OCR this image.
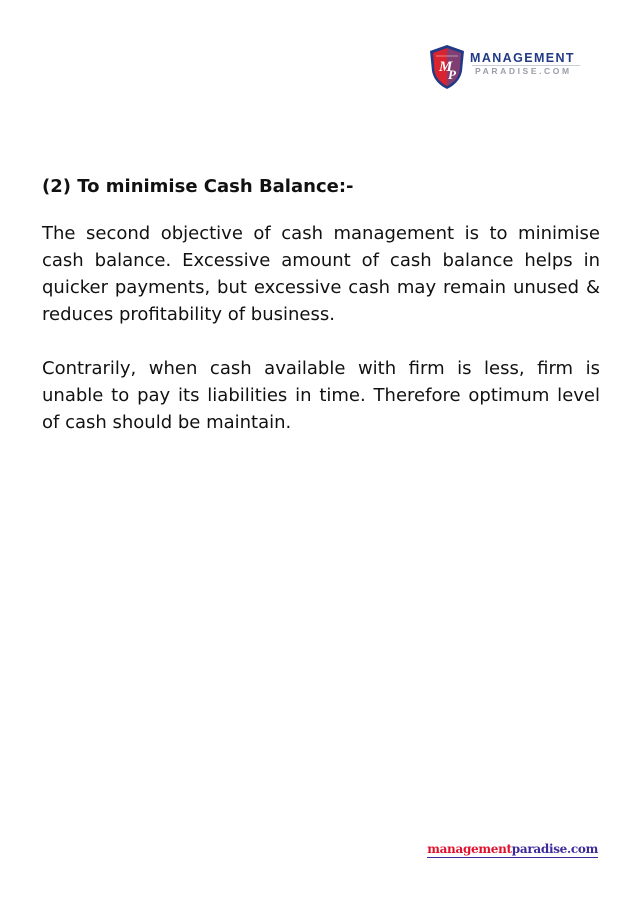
M
P
MANAGEMENT
PARADISE.COM
(2) To minimise Cash Balance:-

The second objective of cash management is to minimise cash balance. Excessive amount of cash balance helps in quicker payments, but excessive cash may remain unused & reduces profitability of business.

Contrarily, when cash available with firm is less, firm is unable to pay its liabilities in time. Therefore optimum level of cash should be maintain.

managementparadise.com
